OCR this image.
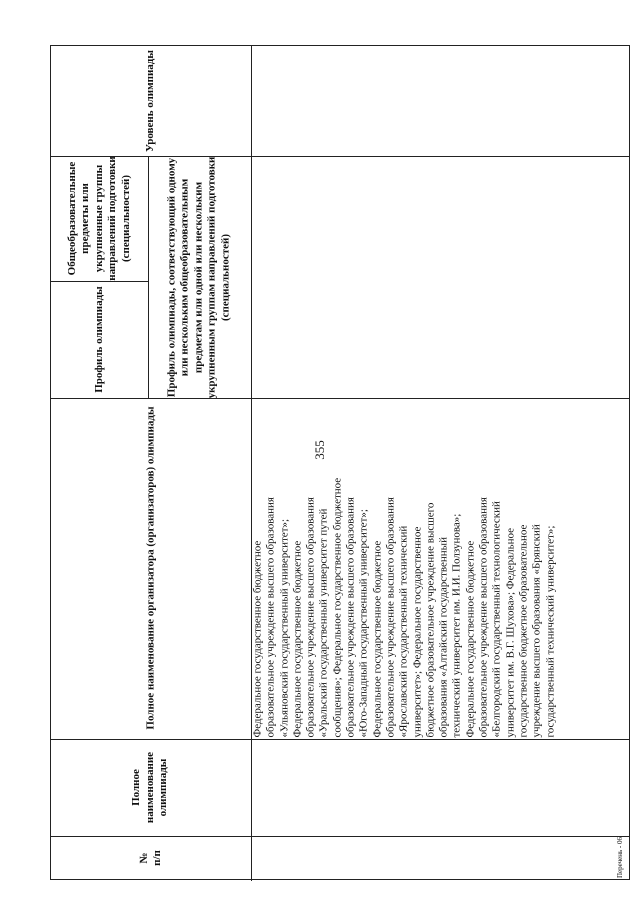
355
Уровень олимпиады
Профиль олимпиады, соответствующий одному или нескольким общеобразовательным предметам или одной или нескольким укрупненным группам направлений подготовки (специальностей)
Общеобразовательные предметы или укрупненные группы направлений подготовки (специальностей)
Профиль олимпиады
Полное наименование организатора (организаторов) олимпиады
Полное наименование олимпиады
№
п/п
Федеральное государственное бюджетное образовательное учреждение высшего образования «Ульяновский государственный университет»; Федеральное государственное бюджетное образовательное учреждение высшего образования «Уральский государственный университет путей сообщения»; Федеральное государственное бюджетное образовательное учреждение высшего образования «Юго-Западный государственный университет»; Федеральное государственное бюджетное образовательное учреждение высшего образования «Ярославский государственный технический университет»; Федеральное государственное бюджетное образовательное учреждение высшего образования «Алтайский государственный технический университет им. И.И. Ползунова»; Федеральное государственное бюджетное образовательное учреждение высшего образования «Белгородский государственный технологический университет им. В.Г. Шухова»; Федеральное государственное бюджетное образовательное учреждение высшего образования «Брянский государственный технический университет»;
Перечень - 06
